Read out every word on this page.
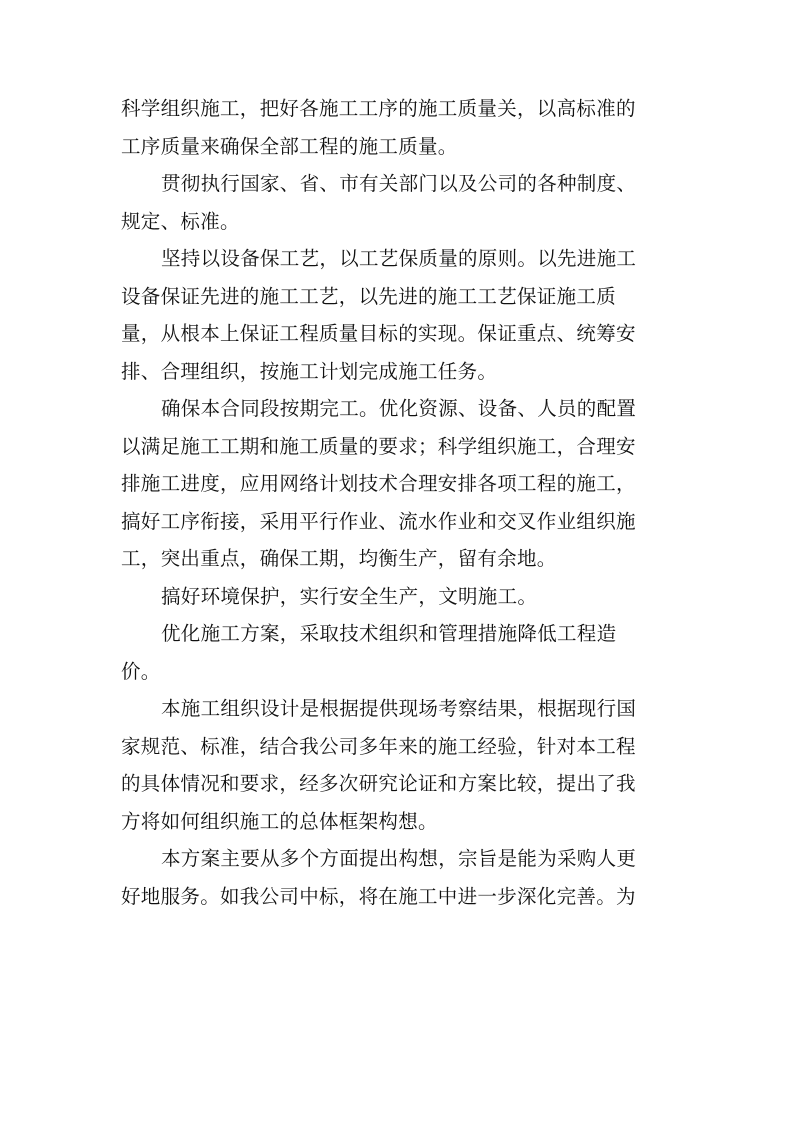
科学组织施工，把好各施工工序的施工质量关，以高标准的
工序质量来确保全部工程的施工质量。

贯彻执行国家、省、市有关部门以及公司的各种制度、
规定、标准。

坚持以设备保工艺，以工艺保质量的原则。以先进施工
设备保证先进的施工工艺，以先进的施工工艺保证施工质
量，从根本上保证工程质量目标的实现。保证重点、统筹安
排、合理组织，按施工计划完成施工任务。

确保本合同段按期完工。优化资源、设备、人员的配置
以满足施工工期和施工质量的要求；科学组织施工，合理安
排施工进度，应用网络计划技术合理安排各项工程的施工，
搞好工序衔接，采用平行作业、流水作业和交叉作业组织施
工，突出重点，确保工期，均衡生产，留有余地。

搞好环境保护，实行安全生产，文明施工。

优化施工方案，采取技术组织和管理措施降低工程造
价。

本施工组织设计是根据提供现场考察结果，根据现行国
家规范、标准，结合我公司多年来的施工经验，针对本工程
的具体情况和要求，经多次研究论证和方案比较，提出了我
方将如何组织施工的总体框架构想。

本方案主要从多个方面提出构想，宗旨是能为采购人更
好地服务。如我公司中标，将在施工中进一步深化完善。为
